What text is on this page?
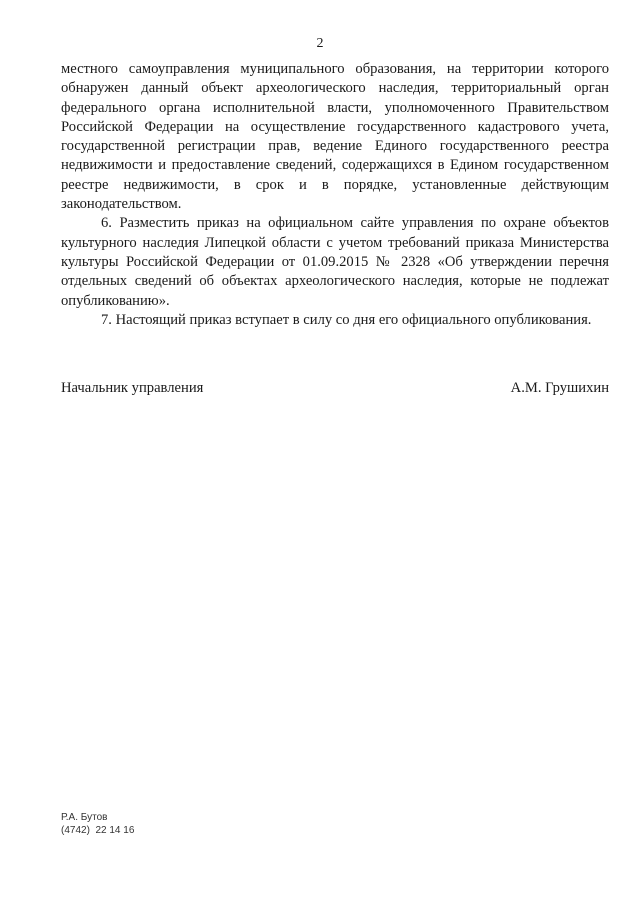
2

местного самоуправления муниципального образования, на территории которого обнаружен данный объект археологического наследия, территориальный орган федерального органа исполнительной власти, уполномоченного Правительством Российской Федерации на осуществление государственного кадастрового учета, государственной регистрации прав, ведение Единого государственного реестра недвижимости и предоставление сведений, содержащихся в Едином государственном реестре недвижимости, в срок и в порядке, установленные действующим законодательством.

6. Разместить приказ на официальном сайте управления по охране объектов культурного наследия Липецкой области с учетом требований приказа Министерства культуры Российской Федерации от 01.09.2015 № 2328 «Об утверждении перечня отдельных сведений об объектах археологического наследия, которые не подлежат опубликованию».

7. Настоящий приказ вступает в силу со дня его официального опубликования.

Начальник управления	А.М. Грушихин
Р.А. Бутов
(4742)  22 14 16
